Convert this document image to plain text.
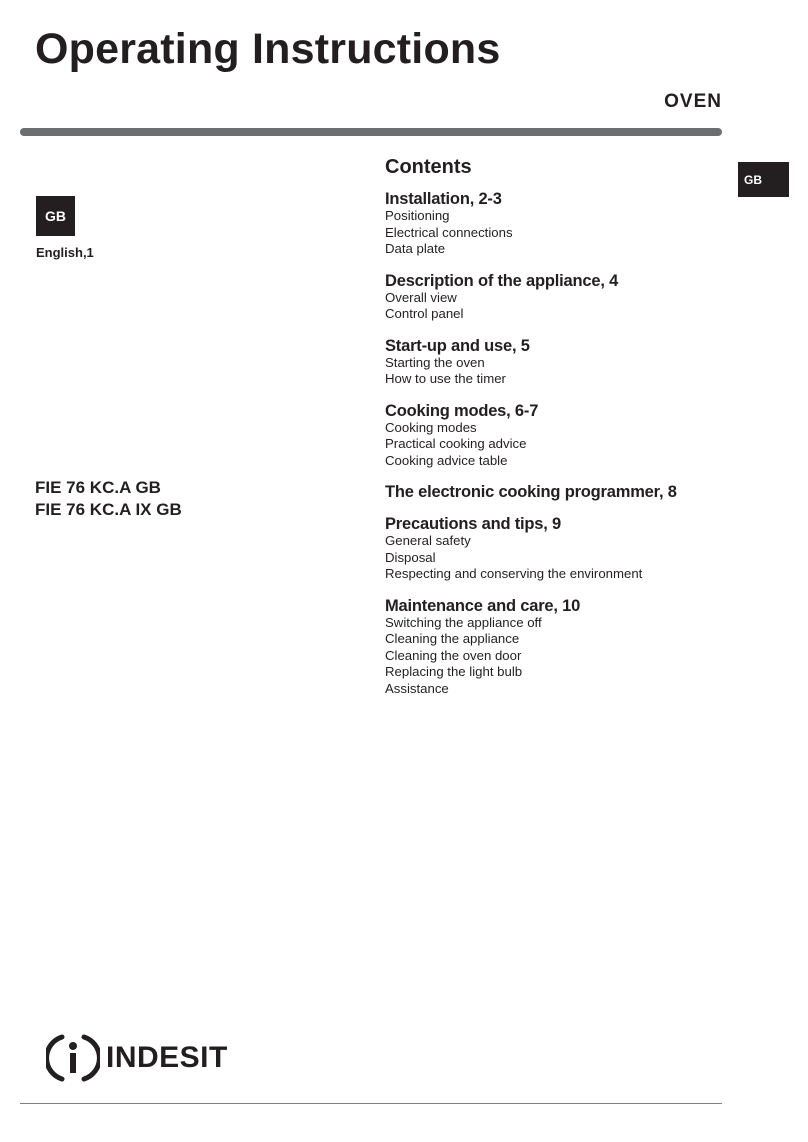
Operating Instructions
OVEN
GB
GB
English,1
FIE 76 KC.A GB
FIE 76 KC.A IX GB
Contents
Installation, 2-3
Positioning
Electrical connections
Data plate
Description of the appliance, 4
Overall view
Control panel
Start-up and use, 5
Starting the oven
How to use the timer
Cooking modes, 6-7
Cooking modes
Practical cooking advice
Cooking advice table
The electronic cooking programmer, 8
Precautions and tips, 9
General safety
Disposal
Respecting and conserving the environment
Maintenance and care, 10
Switching the appliance off
Cleaning the appliance
Cleaning the oven door
Replacing the light bulb
Assistance
INDESIT
